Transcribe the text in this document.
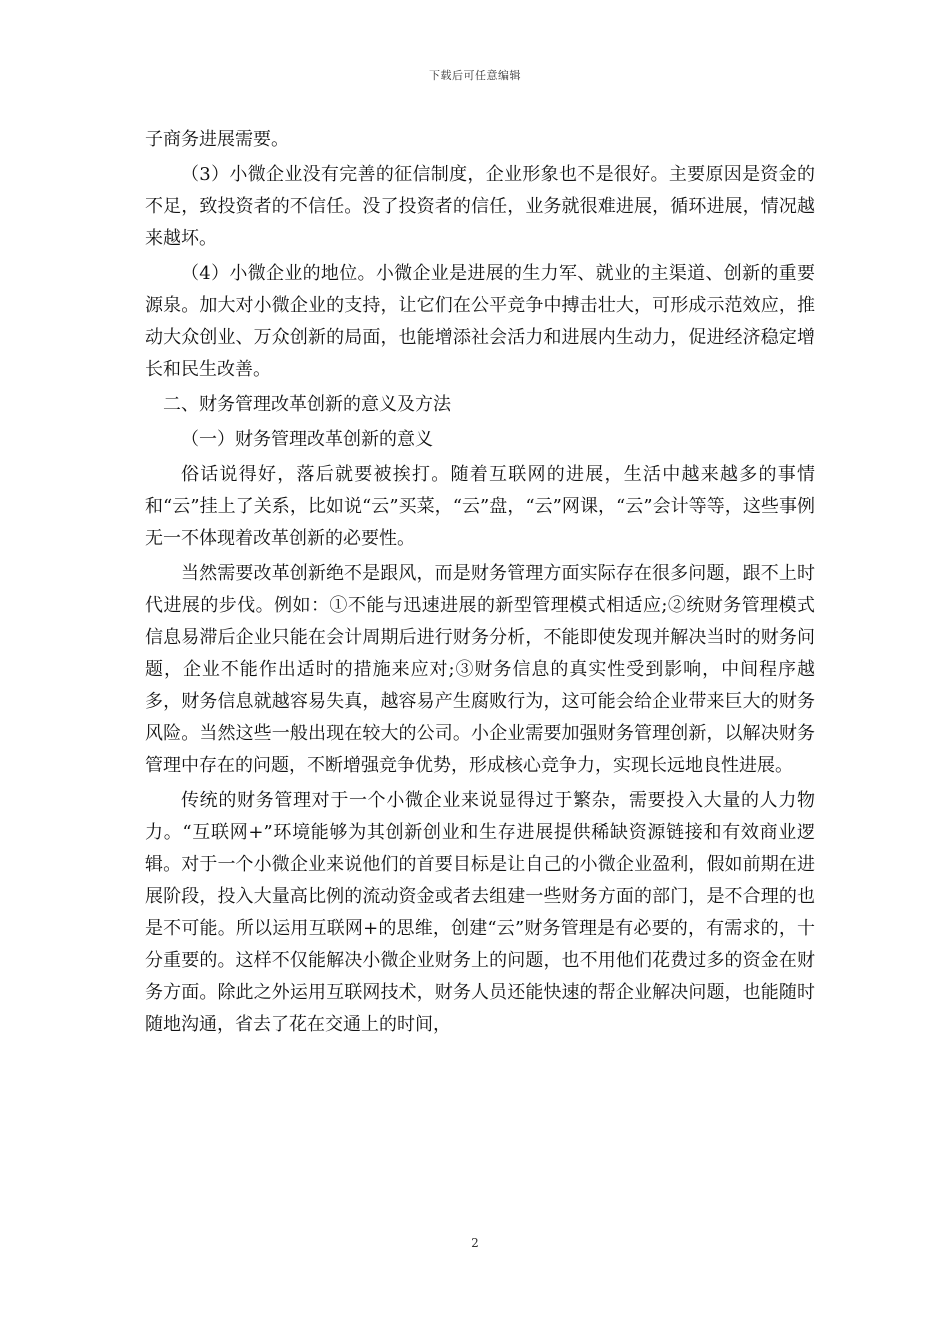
下载后可任意编辑

子商务进展需要。

（3）小微企业没有完善的征信制度，企业形象也不是很好。主要原因是资金的不足，致投资者的不信任。没了投资者的信任，业务就很难进展，循环进展，情况越来越坏。

（4）小微企业的地位。小微企业是进展的生力军、就业的主渠道、创新的重要源泉。加大对小微企业的支持，让它们在公平竞争中搏击壮大，可形成示范效应，推动大众创业、万众创新的局面，也能增添社会活力和进展内生动力，促进经济稳定增长和民生改善。

二、财务管理改革创新的意义及方法

（一）财务管理改革创新的意义

俗话说得好，落后就要被挨打。随着互联网的进展，生活中越来越多的事情和“云”挂上了关系，比如说“云”买菜，“云”盘，“云”网课，“云”会计等等，这些事例无一不体现着改革创新的必要性。

当然需要改革创新绝不是跟风，而是财务管理方面实际存在很多问题，跟不上时代进展的步伐。例如：①不能与迅速进展的新型管理模式相适应;②统财务管理模式信息易滞后企业只能在会计周期后进行财务分析，不能即使发现并解决当时的财务问题，企业不能作出适时的措施来应对;③财务信息的真实性受到影响，中间程序越多，财务信息就越容易失真，越容易产生腐败行为，这可能会给企业带来巨大的财务风险。当然这些一般出现在较大的公司。小企业需要加强财务管理创新，以解决财务管理中存在的问题，不断增强竞争优势，形成核心竞争力，实现长远地良性进展。

传统的财务管理对于一个小微企业来说显得过于繁杂，需要投入大量的人力物力。“互联网+”环境能够为其创新创业和生存进展提供稀缺资源链接和有效商业逻辑。对于一个小微企业来说他们的首要目标是让自己的小微企业盈利，假如前期在进展阶段，投入大量高比例的流动资金或者去组建一些财务方面的部门，是不合理的也是不可能。所以运用互联网+的思维，创建“云”财务管理是有必要的，有需求的，十分重要的。这样不仅能解决小微企业财务上的问题，也不用他们花费过多的资金在财务方面。除此之外运用互联网技术，财务人员还能快速的帮企业解决问题，也能随时随地沟通，省去了花在交通上的时间，

2
